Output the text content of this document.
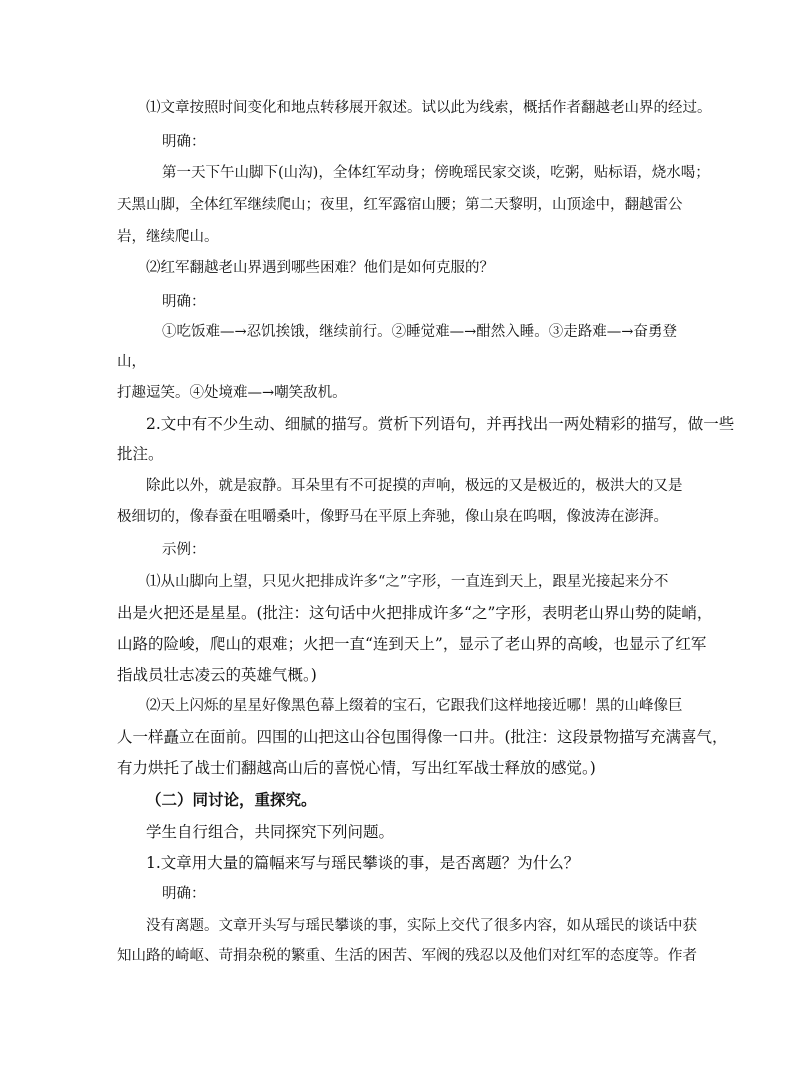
⑴文章按照时间变化和地点转移展开叙述。试以此为线索，概括作者翻越老山界的经过。
明确：
第一天下午山脚下(山沟)，全体红军动身；傍晚瑶民家交谈，吃粥，贴标语，烧水喝；
天黑山脚，全体红军继续爬山；夜里，红军露宿山腰；第二天黎明，山顶途中，翻越雷公
岩，继续爬山。
⑵红军翻越老山界遇到哪些困难？他们是如何克服的？
明确：
①吃饭难—→忍饥挨饿，继续前行。②睡觉难—→酣然入睡。③走路难—→奋勇登
山，
打趣逗笑。④处境难—→嘲笑敌机。
2.文中有不少生动、细腻的描写。赏析下列语句，并再找出一两处精彩的描写，做一些
批注。
除此以外，就是寂静。耳朵里有不可捉摸的声响，极远的又是极近的，极洪大的又是
极细切的，像春蚕在咀嚼桑叶，像野马在平原上奔驰，像山泉在呜咽，像波涛在澎湃。
示例：
⑴从山脚向上望，只见火把排成许多“之”字形，一直连到天上，跟星光接起来分不
出是火把还是星星。(批注：这句话中火把排成许多“之”字形，表明老山界山势的陡峭，
山路的险峻，爬山的艰难；火把一直“连到天上”，显示了老山界的高峻，也显示了红军
指战员壮志凌云的英雄气概。)
⑵天上闪烁的星星好像黑色幕上缀着的宝石，它跟我们这样地接近哪！黑的山峰像巨
人一样矗立在面前。四围的山把这山谷包围得像一口井。(批注：这段景物描写充满喜气，
有力烘托了战士们翻越高山后的喜悦心情，写出红军战士释放的感觉。)
（二）同讨论，重探究。
学生自行组合，共同探究下列问题。
1.文章用大量的篇幅来写与瑶民攀谈的事，是否离题？为什么？
明确：
没有离题。文章开头写与瑶民攀谈的事，实际上交代了很多内容，如从瑶民的谈话中获
知山路的崎岖、苛捐杂税的繁重、生活的困苦、军阀的残忍以及他们对红军的态度等。作者
